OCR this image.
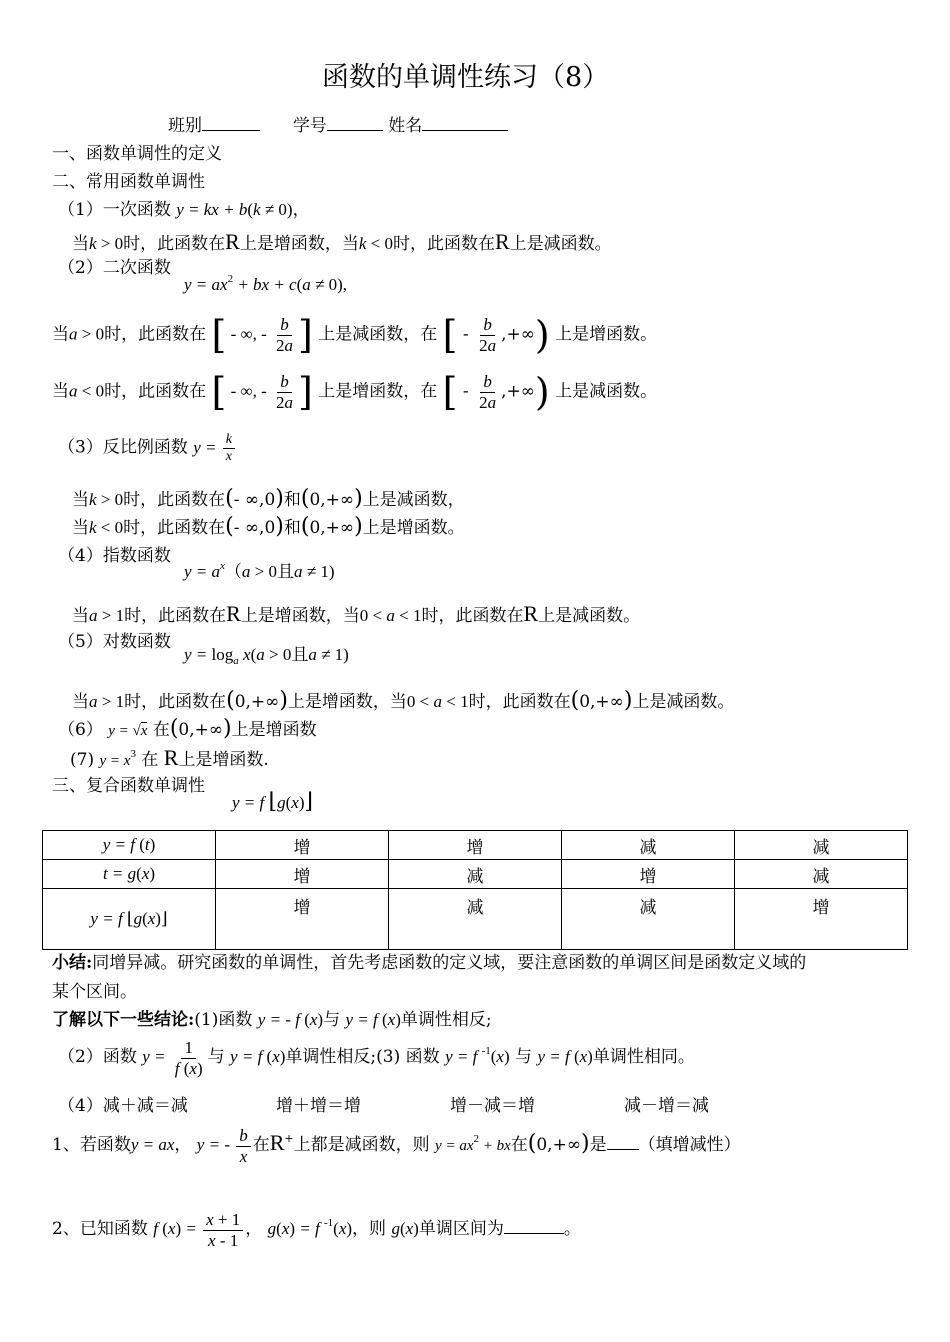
函数的单调性练习（8）
班别	学号	姓名
一、函数单调性的定义
二、常用函数单调性
（1）一次函数 y = kx + b(k ≠ 0)，
当k > 0时，此函数在R上是增函数，当k < 0时，此函数在R上是减函数。
（2）二次函数
$y = ax^2$ + bx + c(a ≠ 0),
当a > 0时，此函数在 [ - ∞, - $\frac{b}{2a}$ ] 上是减函数，在 [ - $\frac{b}{2a}$ ,+∞) 上是增函数。
当a < 0时，此函数在 [ - ∞, - $\frac{b}{2a}$ ] 上是增函数，在 [ - $\frac{b}{2a}$ ,+∞) 上是减函数。
（3）反比例函数 $y = \frac{k}{x}$
当k > 0时，此函数在(- ∞,0)和(0,+∞)上是减函数，
当k < 0时，此函数在(- ∞,0)和(0,+∞)上是增函数。
（4）指数函数
$y = a^x(a > 0$且a ≠ 1)
当a > 1时，此函数在R上是增函数，当0 < a < 1时，此函数在R上是减函数。
（5）对数函数
$y = \log_a x(a > 0$且a ≠ 1)
当a > 1时，此函数在(0,+∞)上是增函数，当0 < a < 1时，此函数在(0,+∞)上是减函数。
（6） y = √x 在(0,+∞)上是增函数
(7) $y = x^3$ 在 R上是增函数.
三、复合函数单调性
y = f ⌊g(x)⌋
y = f (t)	增	增	减	减
t = g(x)	增	减	增	减
y = f ⌊g(x)⌋	增	减	减	增
小结:同增异减。研究函数的单调性，首先考虑函数的定义域，要注意函数的单调区间是函数定义域的
某个区间。
了解以下一些结论:(1)函数 y = - f (x)与 y = f (x)单调性相反;
（2）函数 $y = \frac{1}{f (x)}$ 与 y = f (x)单调性相反;(3) 函数 y = f $^{-1}$(x) 与 y = f (x)单调性相同。
（4）减＋减＝减	增＋增＝增	增－减＝增	减－增＝减
1、若函数y = ax， y = - $\frac{b}{x}$ 在R+上都是减函数，则 $y = ax^2$ + bx在(0,+∞)是 （填增减性）
2、已知函数 f $(x) = \frac{x + 1}{x - 1}$ ， g(x) = f $^{-1}$(x)，则 g(x)单调区间为	。
